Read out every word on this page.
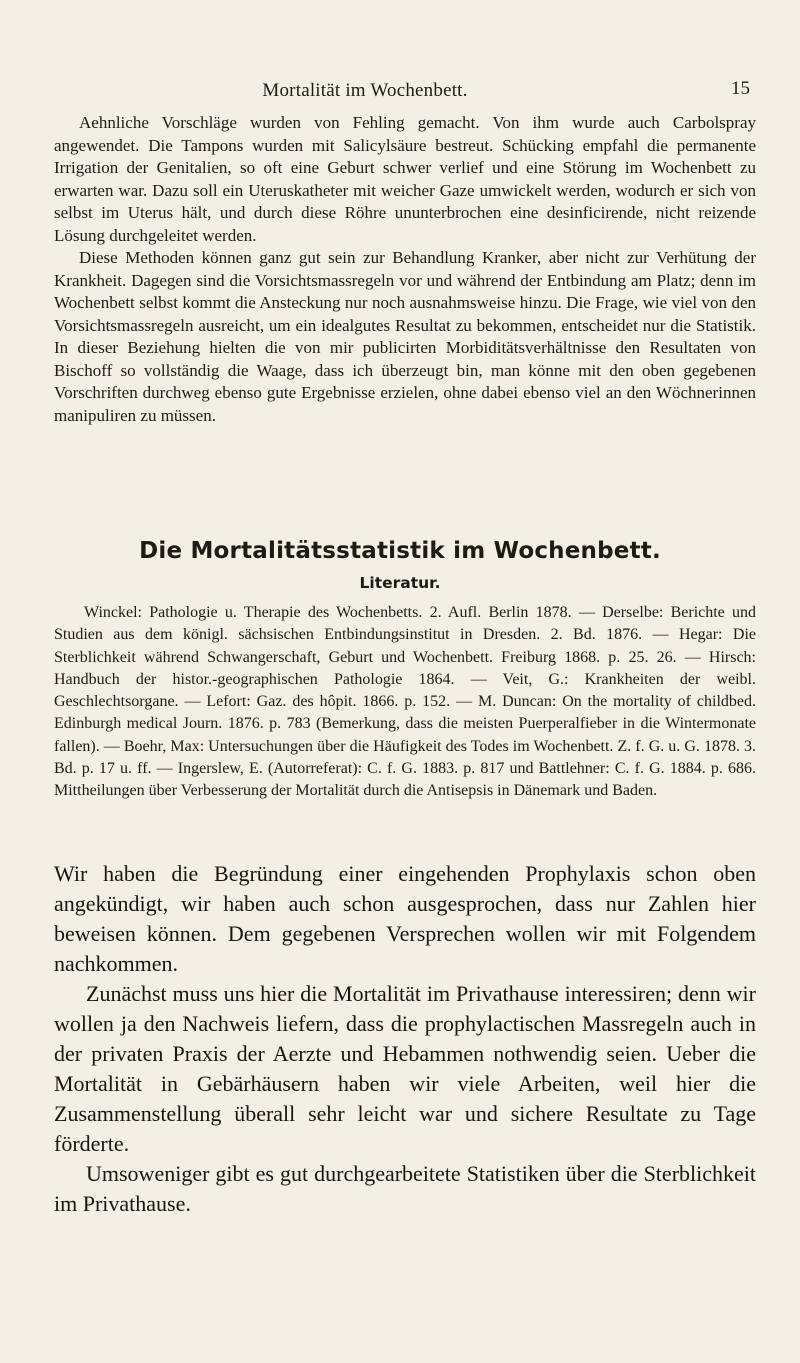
Mortalität im Wochenbett.	15

Aehnliche Vorschläge wurden von Fehling gemacht. Von ihm wurde auch Carbolspray angewendet. Die Tampons wurden mit Salicylsäure bestreut. Schücking empfahl die permanente Irrigation der Genitalien, so oft eine Geburt schwer verlief und eine Störung im Wochenbett zu erwarten war. Dazu soll ein Uteruskatheter mit weicher Gaze umwickelt werden, wodurch er sich von selbst im Uterus hält, und durch diese Röhre ununterbrochen eine desinficirende, nicht reizende Lösung durchgeleitet werden.

Diese Methoden können ganz gut sein zur Behandlung Kranker, aber nicht zur Verhütung der Krankheit. Dagegen sind die Vorsichtsmassregeln vor und während der Entbindung am Platz; denn im Wochenbett selbst kommt die Ansteckung nur noch ausnahmsweise hinzu. Die Frage, wie viel von den Vorsichtsmassregeln ausreicht, um ein idealgutes Resultat zu bekommen, entscheidet nur die Statistik. In dieser Beziehung hielten die von mir publicirten Morbiditätsverhältnisse den Resultaten von Bischoff so vollständig die Waage, dass ich überzeugt bin, man könne mit den oben gegebenen Vorschriften durchweg ebenso gute Ergebnisse erzielen, ohne dabei ebenso viel an den Wöchnerinnen manipuliren zu müssen.

Die Mortalitätsstatistik im Wochenbett.
Literatur.

Winckel: Pathologie u. Therapie des Wochenbetts. 2. Aufl. Berlin 1878. — Derselbe: Berichte und Studien aus dem königl. sächsischen Entbindungsinstitut in Dresden. 2. Bd. 1876. — Hegar: Die Sterblichkeit während Schwangerschaft, Geburt und Wochenbett. Freiburg 1868. p. 25. 26. — Hirsch: Handbuch der histor.-geographischen Pathologie 1864. — Veit, G.: Krankheiten der weibl. Geschlechtsorgane. — Lefort: Gaz. des hôpit. 1866. p. 152. — M. Duncan: On the mortality of childbed. Edinburgh medical Journ. 1876. p. 783 (Bemerkung, dass die meisten Puerperalfieber in die Wintermonate fallen). — Boehr, Max: Untersuchungen über die Häufigkeit des Todes im Wochenbett. Z. f. G. u. G. 1878. 3. Bd. p. 17 u. ff. — Ingerslew, E. (Autorreferat): C. f. G. 1883. p. 817 und Battlehner: C. f. G. 1884. p. 686. Mittheilungen über Verbesserung der Mortalität durch die Antisepsis in Dänemark und Baden.

Wir haben die Begründung einer eingehenden Prophylaxis schon oben angekündigt, wir haben auch schon ausgesprochen, dass nur Zahlen hier beweisen können. Dem gegebenen Versprechen wollen wir mit Folgendem nachkommen.

Zunächst muss uns hier die Mortalität im Privathause interessiren; denn wir wollen ja den Nachweis liefern, dass die prophylactischen Massregeln auch in der privaten Praxis der Aerzte und Hebammen nothwendig seien. Ueber die Mortalität in Gebärhäusern haben wir viele Arbeiten, weil hier die Zusammenstellung überall sehr leicht war und sichere Resultate zu Tage förderte.

Umsoweniger gibt es gut durchgearbeitete Statistiken über die Sterblichkeit im Privathause.
